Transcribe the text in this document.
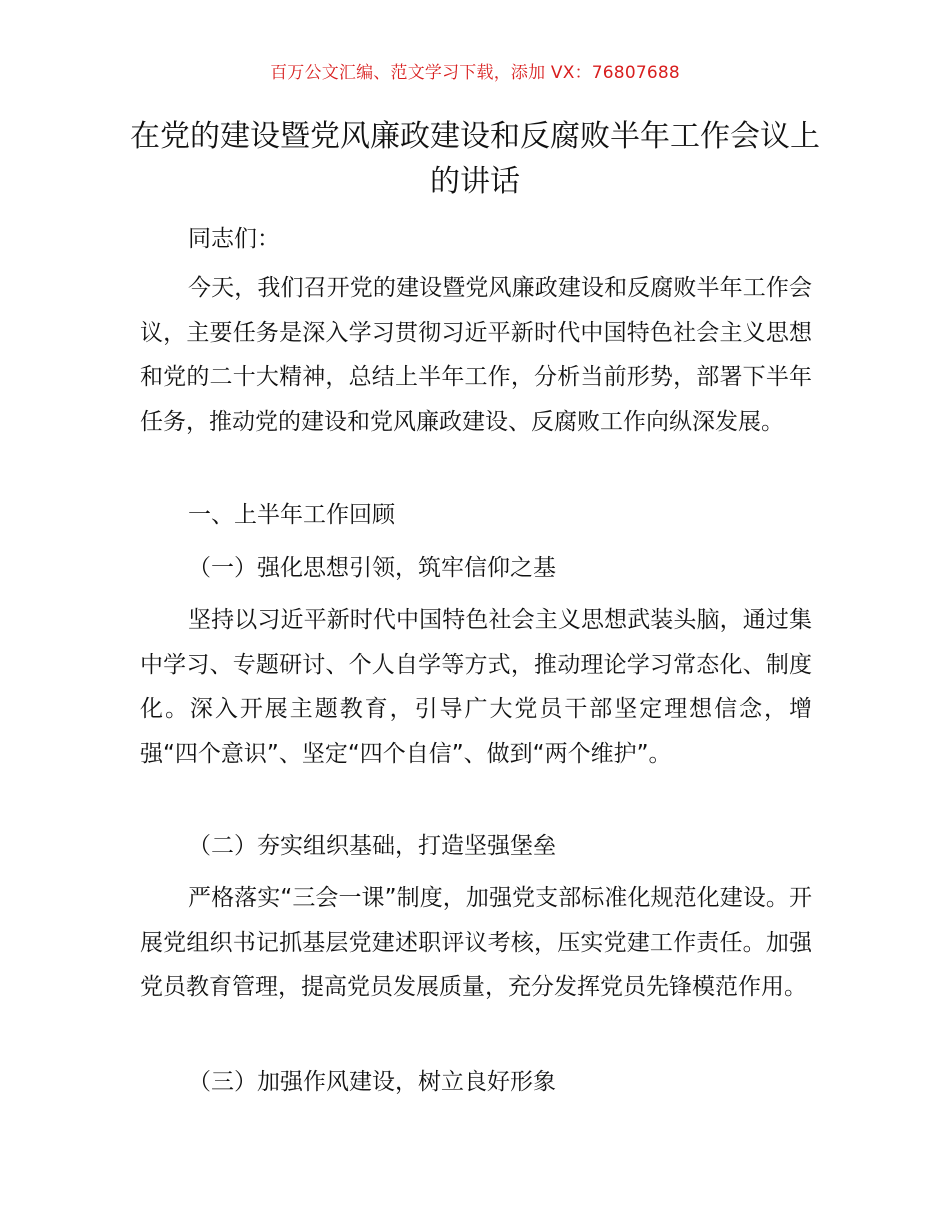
百万公文汇编、范文学习下载，添加 VX：76807688
在党的建设暨党风廉政建设和反腐败半年工作会议上的讲话

同志们：

今天，我们召开党的建设暨党风廉政建设和反腐败半年工作会议，主要任务是深入学习贯彻习近平新时代中国特色社会主义思想和党的二十大精神，总结上半年工作，分析当前形势，部署下半年任务，推动党的建设和党风廉政建设、反腐败工作向纵深发展。

一、上半年工作回顾

（一）强化思想引领，筑牢信仰之基

坚持以习近平新时代中国特色社会主义思想武装头脑，通过集中学习、专题研讨、个人自学等方式，推动理论学习常态化、制度化。深入开展主题教育，引导广大党员干部坚定理想信念，增强“四个意识”、坚定“四个自信”、做到“两个维护”。

（二）夯实组织基础，打造坚强堡垒

严格落实“三会一课”制度，加强党支部标准化规范化建设。开展党组织书记抓基层党建述职评议考核，压实党建工作责任。加强党员教育管理，提高党员发展质量，充分发挥党员先锋模范作用。

（三）加强作风建设，树立良好形象
